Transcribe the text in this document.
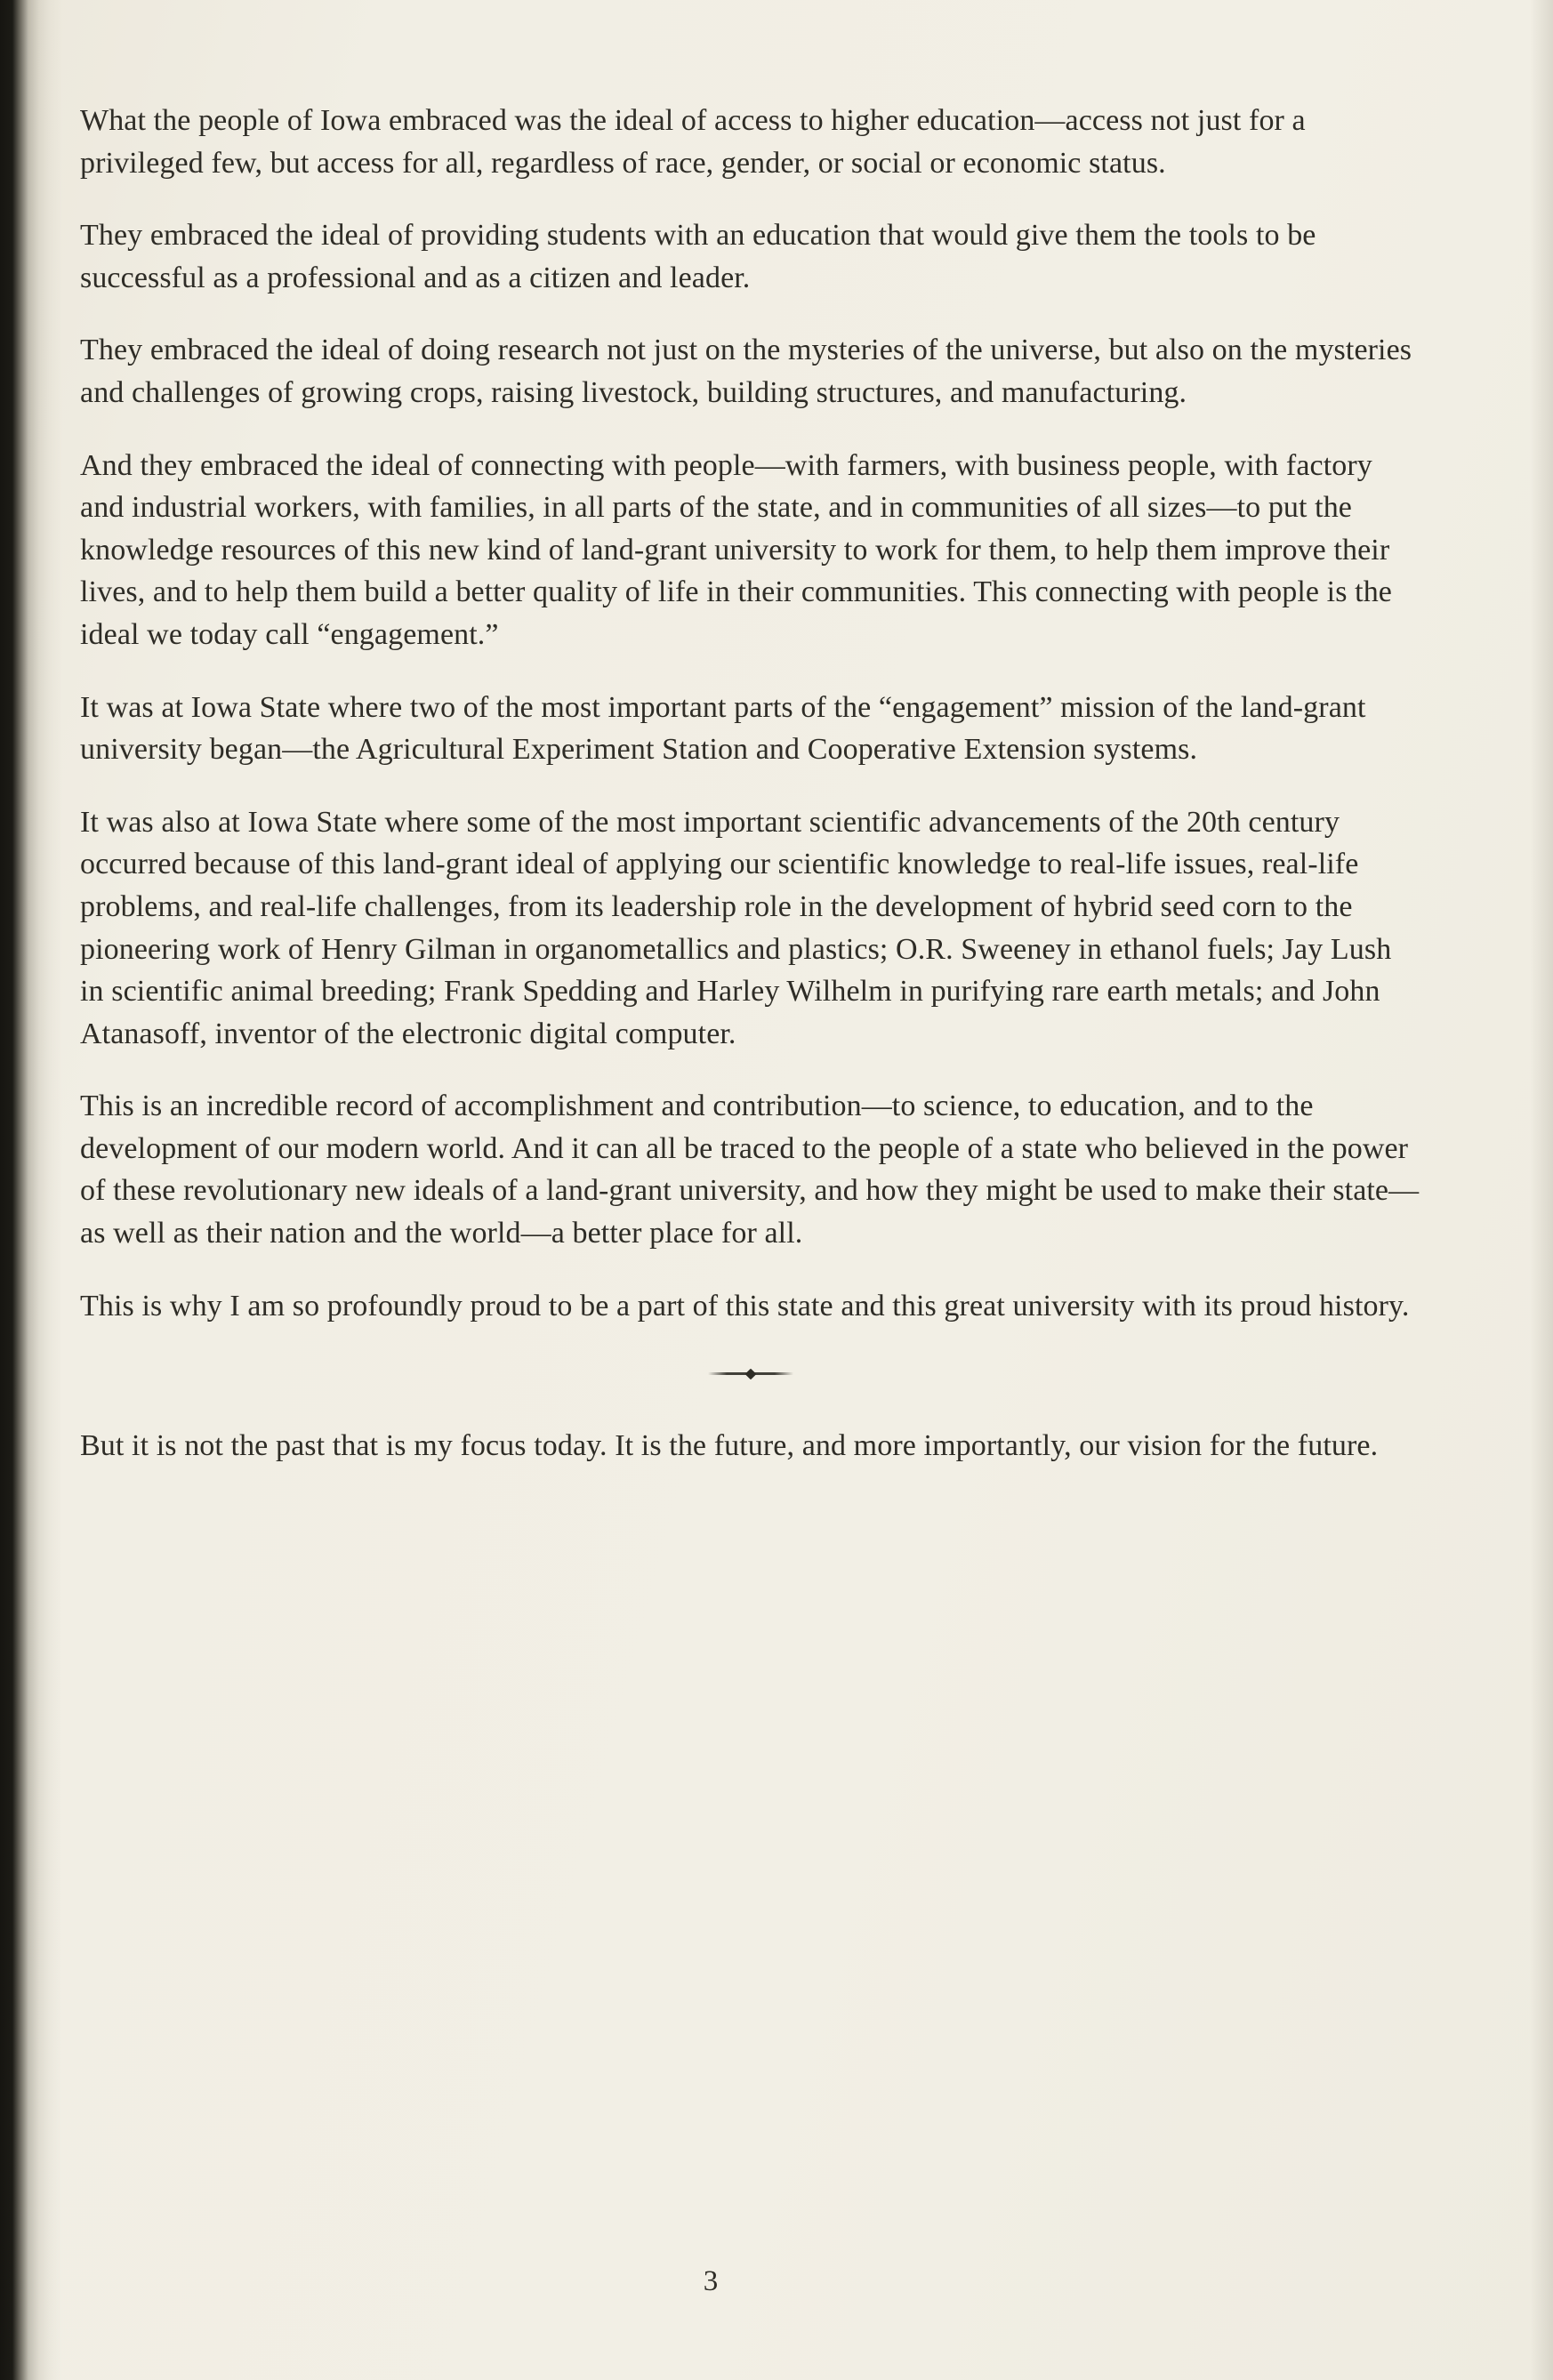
What the people of Iowa embraced was the ideal of access to higher education—access not just for a privileged few, but access for all, regardless of race, gender, or social or economic status.

They embraced the ideal of providing students with an education that would give them the tools to be successful as a professional and as a citizen and leader.

They embraced the ideal of doing research not just on the mysteries of the universe, but also on the mysteries and challenges of growing crops, raising livestock, building structures, and manufacturing.

And they embraced the ideal of connecting with people—with farmers, with business people, with factory and industrial workers, with families, in all parts of the state, and in communities of all sizes—to put the knowledge resources of this new kind of land-grant university to work for them, to help them improve their lives, and to help them build a better quality of life in their communities. This connecting with people is the ideal we today call “engagement.”

It was at Iowa State where two of the most important parts of the “engagement” mission of the land-grant university began—the Agricultural Experiment Station and Cooperative Extension systems.

It was also at Iowa State where some of the most important scientific advancements of the 20th century occurred because of this land-grant ideal of applying our scientific knowledge to real-life issues, real-life problems, and real-life challenges, from its leadership role in the development of hybrid seed corn to the pioneering work of Henry Gilman in organometallics and plastics; O.R. Sweeney in ethanol fuels; Jay Lush in scientific animal breeding; Frank Spedding and Harley Wilhelm in purifying rare earth metals; and John Atanasoff, inventor of the electronic digital computer.

This is an incredible record of accomplishment and contribution—to science, to education, and to the development of our modern world. And it can all be traced to the people of a state who believed in the power of these revolutionary new ideals of a land-grant university, and how they might be used to make their state—as well as their nation and the world—a better place for all.

This is why I am so profoundly proud to be a part of this state and this great university with its proud history.

But it is not the past that is my focus today. It is the future, and more importantly, our vision for the future.

3
